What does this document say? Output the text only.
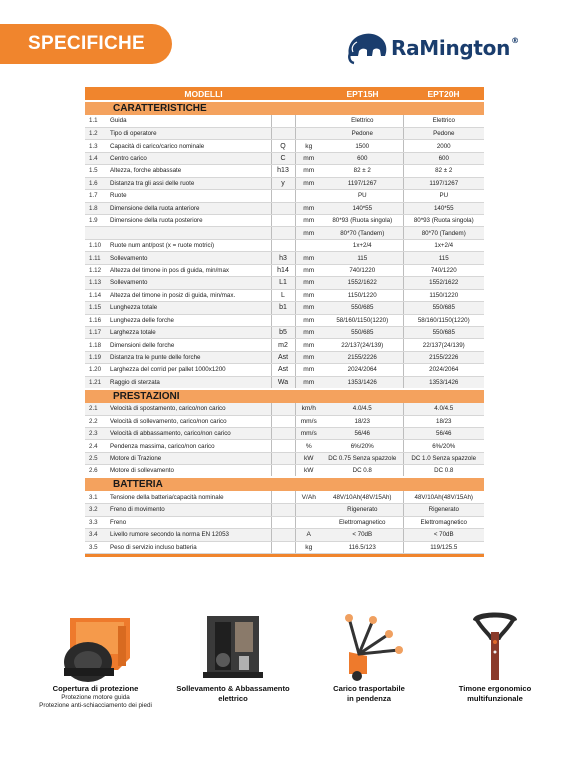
SPECIFICHE	RaMington®
MODELLI				EPT15H	EPT20H
CARATTERISTICHE					
1.1	Guida			Elettrico	Elettrico
1.2	Tipo di operatore			Pedone	Pedone
1.3	Capacità di carico/carico nominale	Q	kg	1500	2000
1.4	Centro carico	C	mm	600	600
1.5	Altezza, forche abbassate	h13	mm	82 ± 2	82 ± 2
1.6	Distanza tra gli assi delle ruote	y	mm	1197/1267	1197/1267
1.7	Ruote			PU	PU
1.8	Dimensione della ruota anteriore		mm	140*55	140*55
1.9	Dimensione della ruota posteriore		mm	80*93 (Ruota singola)	80*93 (Ruota singola)
			mm	80*70 (Tandem)	80*70 (Tandem)
1.10	Ruote num ant/post (x = ruote motrici)			1x+2/4	1x+2/4
1.11	Sollevamento	h3	mm	115	115
1.12	Altezza del timone in pos di guida, min/max	h14	mm	740/1220	740/1220
1.13	Sollevamento	L1	mm	1552/1622	1552/1622
1.14	Altezza del timone in posiz di guida, min/max.	L	mm	1150/1220	1150/1220
1.15	Lunghezza totale	b1	mm	550/685	550/685
1.16	Lunghezza delle forche		mm	58/160/1150(1220)	58/160/1150(1220)
1.17	Larghezza totale	b5	mm	550/685	550/685
1.18	Dimensioni delle forche	m2	mm	22/137(24/139)	22/137(24/139)
1.19	Distanza tra le punte delle forche	Ast	mm	2155/2226	2155/2226
1.20	Larghezza del corrid per pallet 1000x1200	Ast	mm	2024/2064	2024/2064
1.21	Raggio di sterzata	Wa	mm	1353/1426	1353/1426
PRESTAZIONI					
2.1	Velocità di spostamento, carico/non carico		km/h	4.0/4.5	4.0/4.5
2.2	Velocità di sollevamento, carico/non carico		mm/s	18/23	18/23
2.3	Velocità di abbassamento, carico/non carico		mm/s	56/46	56/46
2.4	Pendenza massima, carico/non carico		%	6%/20%	6%/20%
2.5	Motore di Trazione		kW	DC 0.75 Senza spazzole	DC 1.0 Senza spazzole
2.6	Motore di sollevamento		kW	DC 0.8	DC 0.8
BATTERIA					
3.1	Tensione della batteria/capacità nominale		V/Ah	48V/10Ah(48V/15Ah)	48V/10Ah(48V/15Ah)
3.2	Freno di movimento			Rigenerato	Rigenerato
3.3	Freno			Elettromagnetico	Elettromagnetico
3.4	Livello rumore secondo la norma EN 12053		A	< 70dB	< 70dB
3.5	Peso di servizio incluso batteria		kg	116.5/123	119/125.5

Copertura di protezione
Protezione motore guida
Protezione anti-schiacciamento dei piedi
Sollevamento & Abbassamento
elettrico
Carico trasportabile
in pendenza
Timone ergonomico
multifunzionale
